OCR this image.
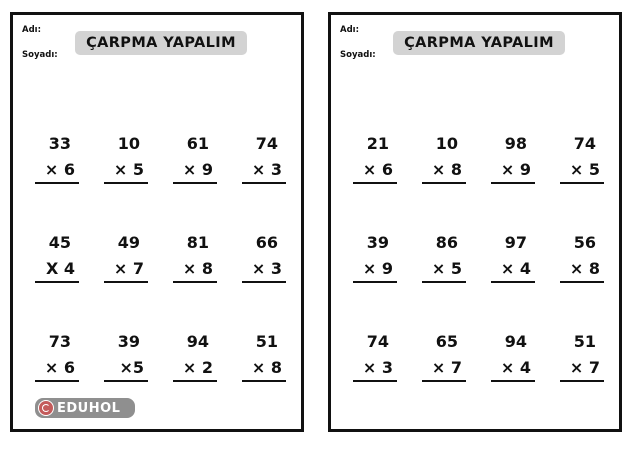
Adı:
Soyadı:
ÇARPMA YAPALIM
33
× 6
10
× 5
61
× 9
74
× 3
45
X 4
49
× 7
81
× 8
66
× 3
73
× 6
39
×5
94
× 2
51
× 8
EDUHOL
Adı:
Soyadı:
ÇARPMA YAPALIM
21
× 6
10
× 8
98
× 9
74
× 5
39
× 9
86
× 5
97
× 4
56
× 8
74
× 3
65
× 7
94
× 4
51
× 7
